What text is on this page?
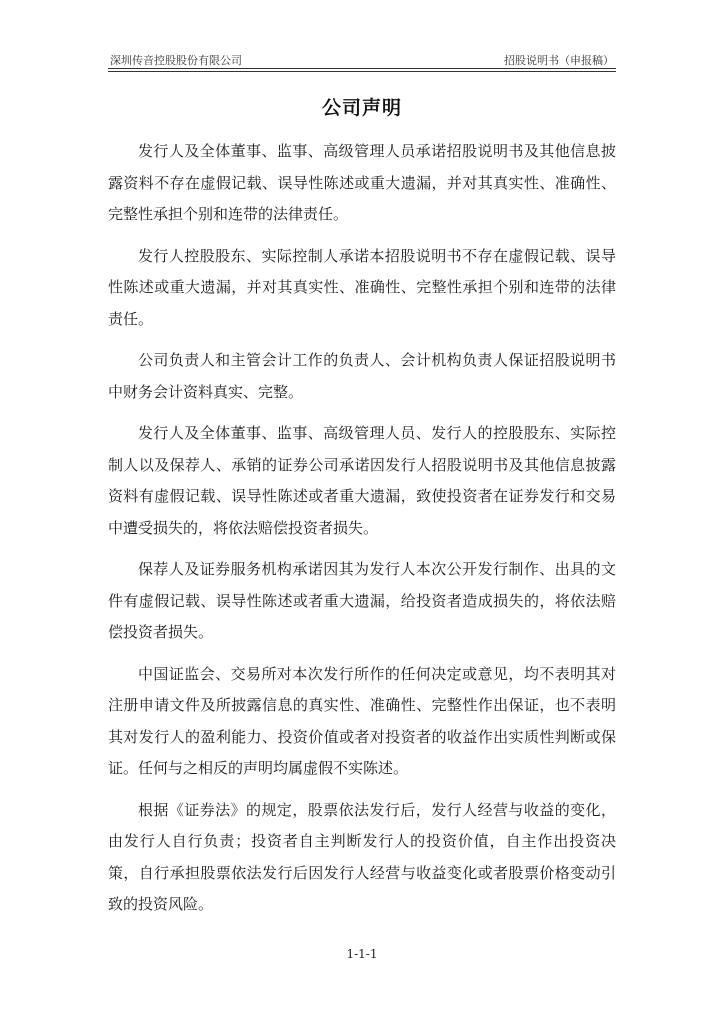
深圳传音控股股份有限公司	招股说明书（申报稿）
公司声明

发行人及全体董事、监事、高级管理人员承诺招股说明书及其他信息披露资料不存在虚假记载、误导性陈述或重大遗漏，并对其真实性、准确性、完整性承担个别和连带的法律责任。

发行人控股股东、实际控制人承诺本招股说明书不存在虚假记载、误导性陈述或重大遗漏，并对其真实性、准确性、完整性承担个别和连带的法律责任。

公司负责人和主管会计工作的负责人、会计机构负责人保证招股说明书中财务会计资料真实、完整。

发行人及全体董事、监事、高级管理人员、发行人的控股股东、实际控制人以及保荐人、承销的证券公司承诺因发行人招股说明书及其他信息披露资料有虚假记载、误导性陈述或者重大遗漏，致使投资者在证券发行和交易中遭受损失的，将依法赔偿投资者损失。

保荐人及证券服务机构承诺因其为发行人本次公开发行制作、出具的文件有虚假记载、误导性陈述或者重大遗漏，给投资者造成损失的，将依法赔偿投资者损失。

中国证监会、交易所对本次发行所作的任何决定或意见，均不表明其对注册申请文件及所披露信息的真实性、准确性、完整性作出保证，也不表明其对发行人的盈利能力、投资价值或者对投资者的收益作出实质性判断或保证。任何与之相反的声明均属虚假不实陈述。

根据《证券法》的规定，股票依法发行后，发行人经营与收益的变化，由发行人自行负责；投资者自主判断发行人的投资价值，自主作出投资决策，自行承担股票依法发行后因发行人经营与收益变化或者股票价格变动引致的投资风险。

1-1-1
